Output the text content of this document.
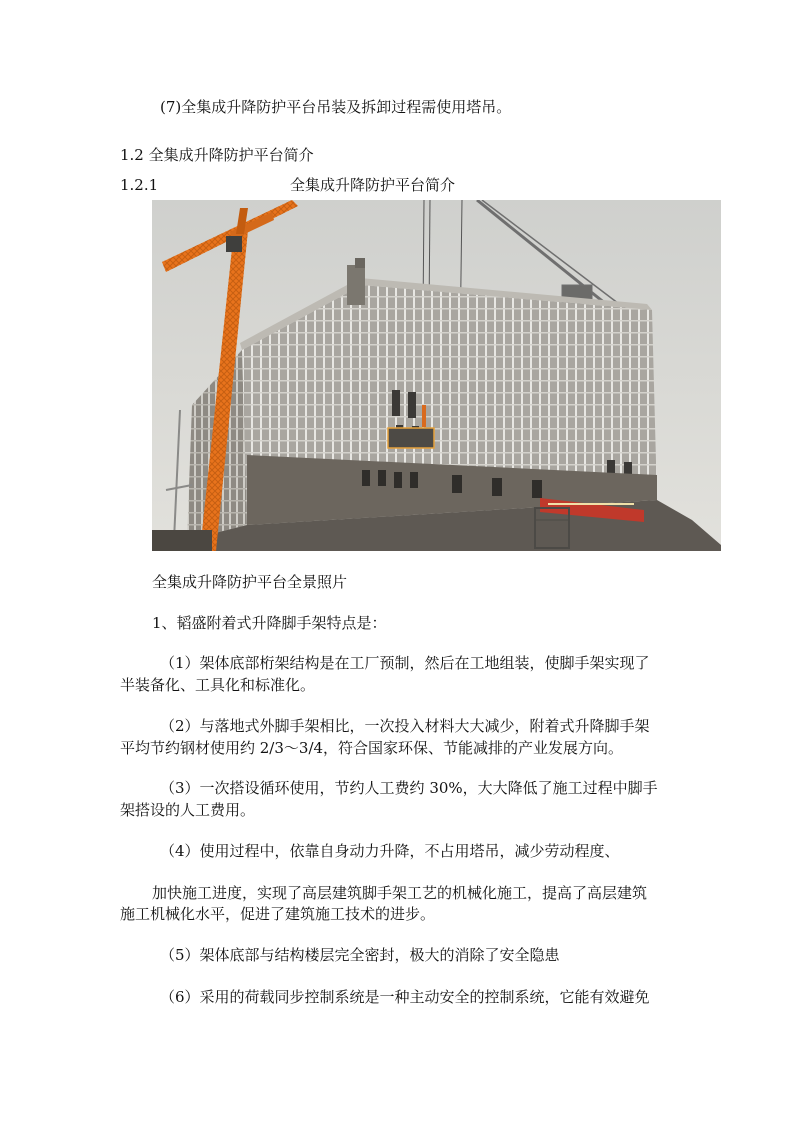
(7)全集成升降防护平台吊装及拆卸过程需使用塔吊。
1.2 全集成升降防护平台简介
1.2.1	全集成升降防护平台简介
全集成升降防护平台全景照片
1、韬盛附着式升降脚手架特点是：
（1）架体底部桁架结构是在工厂预制，然后在工地组装，使脚手架实现了
半装备化、工具化和标准化。
（2）与落地式外脚手架相比，一次投入材料大大减少，附着式升降脚手架
平均节约钢材使用约 2/3～3/4，符合国家环保、节能减排的产业发展方向。
（3）一次搭设循环使用，节约人工费约 30%，大大降低了施工过程中脚手
架搭设的人工费用。
（4）使用过程中，依靠自身动力升降，不占用塔吊，减少劳动程度、
加快施工进度，实现了高层建筑脚手架工艺的机械化施工，提高了高层建筑
施工机械化水平，促进了建筑施工技术的进步。
（5）架体底部与结构楼层完全密封，极大的消除了安全隐患
（6）采用的荷载同步控制系统是一种主动安全的控制系统，它能有效避免
